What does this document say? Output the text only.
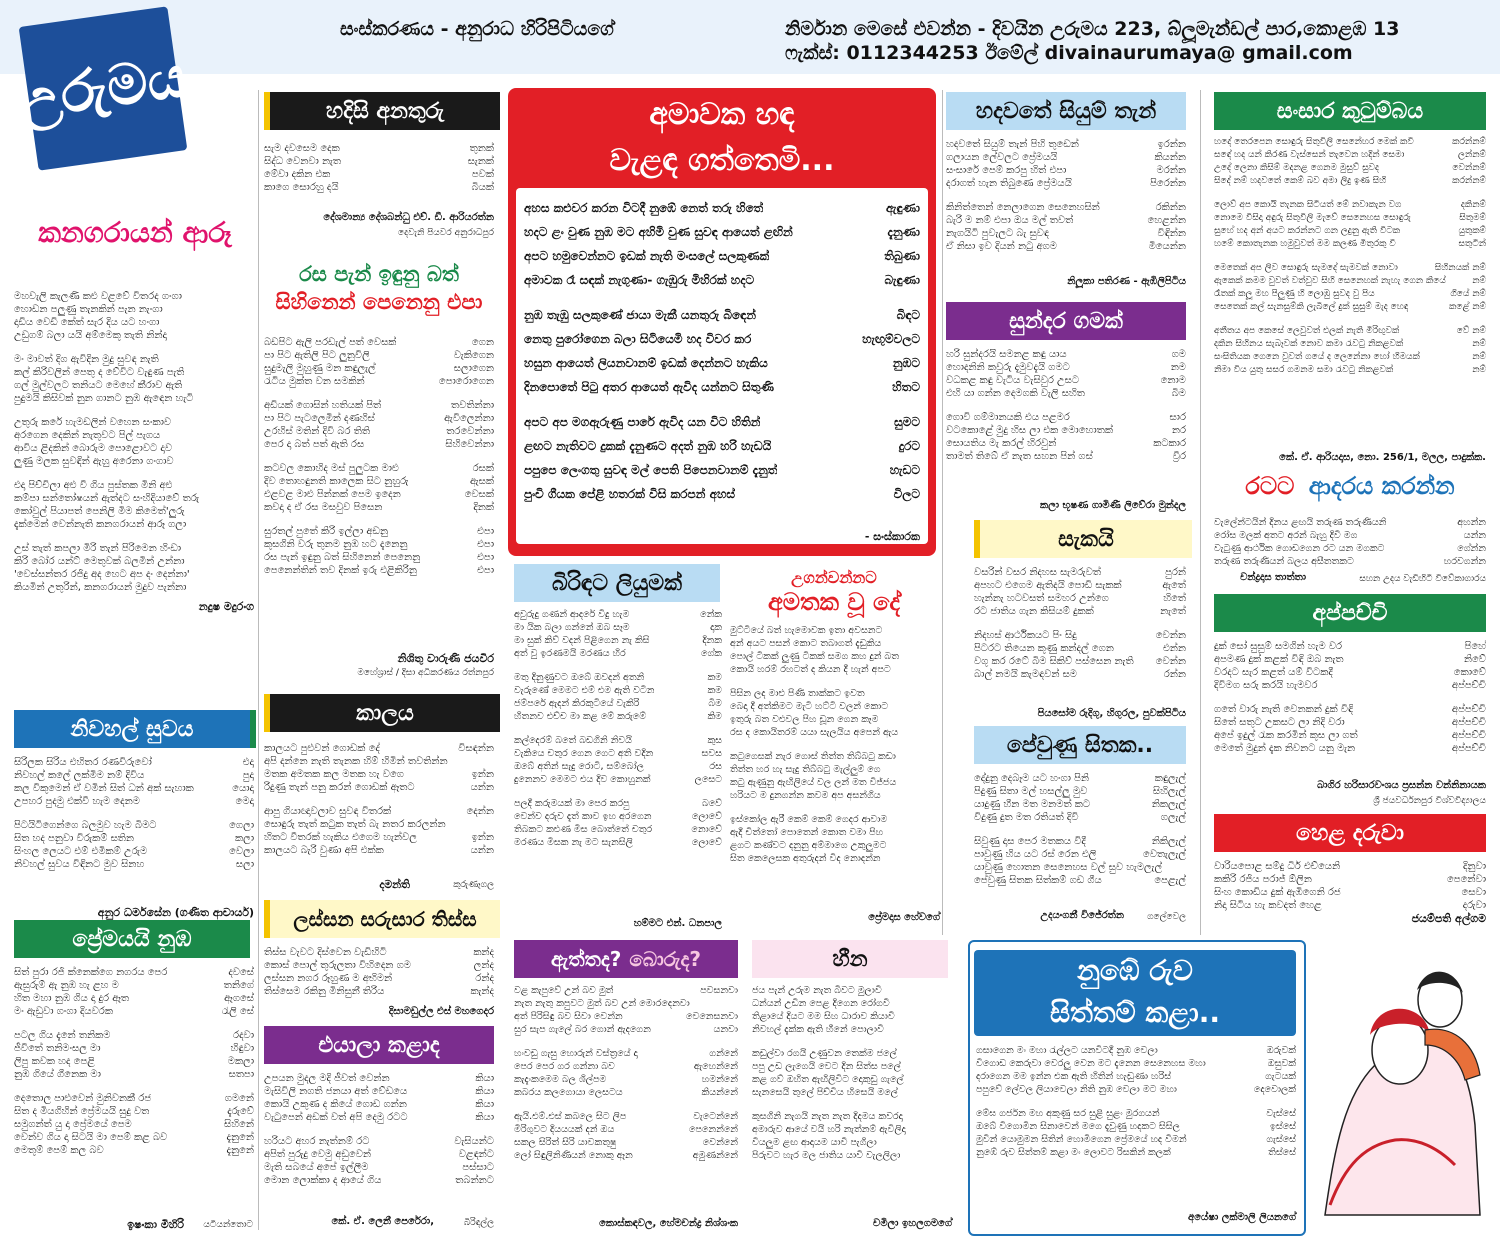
සංස්කරණය - අනුරාධ හිරිපිටියගේ	නිර්මාන මෙසේ එවන්න - දිවයින උරුමය 223, බ්ලූමැන්ඩල් පාර,කොළඹ 13
ෆැක්ස්: 0112344253 ඊමේල් divainaurumaya@ gmail.com
උරුමය
කනගරායන් ආරූ
මහවැලි කැලණි කළු වළවේ විතරද ගංගා
හොඩන පලුණු තැනකින් පැන නැංගා
දාඩිය වෙඩි කේත් සැර දිය යට හංගා
උඩුගම් බලා යයි අම්මෙකු තැති නින්දා
මං මාවත් දිග ඇවිදින මුදු සුවඳ නැති
කල් කිරිවලින් පෙතු ද වේවිට වැඳුණ පැති
ගල් මුල්වලට තනියට මෙහේ කීරාව ඇති
පුදුමයි කිසිවක් නුන ගානට නුඹ ඇඳෙන හැටි
උතුරු කරේ හැමඩලින් වහෙන සංකාව
අරගෙන දෙකින් නැතුවට පිල් පැගය
ආවිය ළිදකින් බොරුම පොළොවට දාව
ලුණු මලක සුවඳින් ඇහු අරෙනා ගංගාව
එදා පිච්චිලා අළු වී ගිය පුස්තක මිනි අළු
කම්පා සන්තෝෂයන් ඇත්දට සංහිදියාවේ තරු
කෝවුල් පියාපත් පෙනිලි මිම කිමෙත්'ලුරු
දැක්මෙන් වෙන්නැති කනගරායන් ආරූ ගලා
උස් තැත් කපලා මිරි තැන් පිරිමෙන හිංඩා
කිරි බෝර යන්ට් මෙතුවක් බලමින් උන්නා
'වෙස්සන්තර රජිදු අද හෙට අප දං දෙන්නා'
කියමින් උතුරින්, කනගරායන් මුදුව පැන්නා
නදුෂ මදුරංග
නිවහල් සුවය
සිරිලක සිරිය එහිතර රණවිරුවෝ	එදා
නිවහල් කලේ ලක්මිම නම් දිවිය	පුදා
කල විකුමෙන් ඒ වමින් සිත් ධන් අක් සැහාක	යොදා
උපහර පුදමු එක්වී හැම දෙනම	මෙදා
පිටයිටිගෙන්ගෙ බලමුව හැම බිමට	ගෙලා
සිත හද පනුවා විරුකම් සතින	කලා
සිංහල ලෙයට එම් එමිකම් උරුම	වෙලා
නිවහල් සුවය විඳිනට මුව සිනහ	සලා
අනුර ධර්මසේන (ගණිත ආචාර්ය)
ප්‍රේමයයි නුඹ
සිත් පුරා රජි ක්නෙක්ගෙ නගරය පෙර	දවසේ
ඇසුරුම් ඇ නුඹ හැ ළහ ම	තනිගේ
හිත මහා නුඹ ගිය දා දුර ඈත	ඈගසේ
මං ඇඩුවා ගංගා දියවරක	රැලි සේ
පටල ගිය දැනේ තනිකම	රදවා
ජීවිතේ තනිමංසල මා	හිඳුවා
ලිපු කවක හද පෙළි	මකලා
නුඹ ගියේ ගීනෙක මා	සතපා
දෙතොල පාළුවෙන් මුනිවනකී රජ	ගමනේ
සිත ද මියගිහින් ප්‍රේමයයි සුදු වත	දැරුවේ
සමුගන්ත් යු දා ප්‍රේමයේ පෙම	සිහිනේ
වෙන්ව ගිය දා සිටයි මා පෙම් කළ බව	දැනුනේ
මෙතුම් පෙම් කල බව	දැනුනේ
ඉෂංකා මිහිරි	යටියන්තොට
හදිසි අනතුරු
සැම දවසෙම දෙක	තුනක්
සිද්ධ වෙනවා නැත	සැනක්
මේවා දකින එක	පවක්
කාගෙ සොරහු දයි	බියක්
දේශමාන්‍ය දේශබන්ධු එච්. ඩී. ආරියරත්න
දෙවැනි පියවර අනුරාධපුර
රස පැන් ඉඳුනු බත්
සිහිනෙන් පෙනෙනු එපා
බඩපිට ඇලි පරඩැල් පත් වෙසක්	ගෙන
පා පිට ඇතිලි පිට ලුනුවිලි	වැකිගෙන
සුදුමැලි මුහුණු මන කඳුලැල්	සලාගෙන
රැටිය මුක්ත වන සමකින්	පොරොගෙන
අඩියක් ගොසින් හතියක් පිත්	තවතින්නා
පා පිට පැටලෙමින් දණහිස්	ඇවිලෙන්නා
උරහිස් මතින් දිවි බර තිති	තරවෙන්නා
පෙර දා බත් පත් ඇති රස	සිහිවෙන්නා
කටවල කොහිද මස් පුලුටක මාළු	රසක්
දිව තොහඳුනති කාලෙක සිට නුහුරු	ඇසක්
එළවළ මාළු පින්නක් පෙම ඉදෙන	වෙසක්
කවදා ද ඒ රස මසවුව පිසෙන	දිනක්
සුරතල් පුතේ කිරි ඉල්ලා අඩනු	එපා
කුසගිනි වරු තුනම නුඹ හට දැනෙනු	එපා
රස පැන් ඉඳුනු බත් සිහිනෙන් පෙනෙනු	එපා
පෙනෙන්තින් තව දිනක් ඉරු එළිකිරිනු	එපා
නිශිතු වාරුණි ජයවීර
මහේශ්‍රාස් / දිසා අධිකරණය රත්නපුර
කාලය
කාලයට පුළුවන් ගොඩක් දේ	විසඳන්න
අපි දන්නෙ නැති තැනක හිම් හිමින් තවතින්න
මතක අමතක කල මතක හැ වගෙ	ඉන්න
රිදුණු තැන් පනු කරන් ගොඩක් ඈතට	යන්න
ආපු ගියාඥාවලාව සුවඳ විතරක්	දෙන්න
සොඳුරු තැත් කටුක තැත් බැ නතර කරලන්න
හිතට වීතරක් හැකිය එගෙම හැන්වල	ඉන්න
කාලයට බැරි වුණා අපි එක්ක	යන්න
දමන්ති	කුරුණෑගල
ලස්සන සරුසාර තිස්ස
තිස්ස වැවට දිස්වෙන වැඩිහිටි	කන්ද
කොස් පොල් තුරුලතා විහිදෙන ගම	ලන්ද
ලස්සන නගර රූහුණ ම අභිමන්	රන්ද
තිස්සෙම රකිනු මිනිසුනී තිරිය	කැන්ද
දිසාමඩුල්ල එස් මහගෙදර
එයාලා කළාද
උපයන මුදල මදි ජීවත් වෙන්න	කියා
මැසිවිලි නගති ජනයා අත් වේඩයෙ	කියා
කොයි උකුණ ද කියේ ගොඩ ගන්න	කියා
වැටුපෙන් අඩක් වත් අපි දෙමු රටට	කියා
හරියට අහර නැත්නම් රට	වැසියන්ට
අපිත් පුරුදු වෙමු අඩුවෙන්	වළඳන්ට
මැති සබයේ අපේ ඉල්ලීම	පස්සාට
මොන ලොක්කා ද ආයේ ගිය	තබන්නට
කේ. ඒ. ලෙනී පෙරේරා,	බිරිඳල්ල
අමාවක හඳ
වැළඳ ගත්තෙමි...
අහස කළුවර කරන විටදී නුඹේ නෙත් තරු හිතේ	ඇඳුණා
හදට ළං වුණ නුඹ මට අහිමි වුණ සුවඳ ආයෙත් ළඟින්	දැනුණා
අපට හමුවෙන්නට ඉඩක් නැති මංසලේ සලකුණක්	තිබුණා
අමාවක රෑ සඳක් නැගුණා- ගැඹුරු මිහිරක් හදට	බැඳුණා
නුඹ තැඹු සලකුණේ ජායා මැකී යනතුරු බිඳෙන්	බිඳට
නෙතු පුරෝගෙන බලා සිටියෙමි හද විවර කර	හැඟුම්වලට
හසුන ආයෙත් ලියනවානම් ඉඩක් දෙන්නට හැකිය	නුඹට
දිනපොතේ පිටු අතර ආයෙත් ඇවිද යන්නට සිතුණි	හිතට
අපට අප මගඇරුණු පාරේ ඇවිද යන විට හිතින්	සුමට
ළඟට නැතිවට දුකක් දැනුණට අදත් නුඹ හරි හැඩයි	දුරට
පපුපෙ ලෙංගතු සුවඳ මල් පෙති පිපෙනවානම් දැනුත්	හැඩට
පුංචි ගීයක පේළි හතරක් විසි කරපන් අහස්	විලට
- සංස්කාරක
බිරිඳට ලියුමක්
අවුරුදු ගණන් ආදරේ විදු හැම	නේක
මා යික බලා ගන්නේ ඔබ සෑම	දාක
මා සුක් කිව් වදන් පිළිගෙන නැ කිසි	දිනක
අත් වු ඉරණමයි මරණය හිර	ගේක
මතු දිනුණුවට ඔබේ ඔවදන් අතනි	කම
වැරුණේ මෙමට එම් එම ඇති වටින	කම
ජම්පරේ ඇදන් කිරකුටියේ වැකිරි	බිම
හිතනව එච්ච මා කළ මේ කරුමේ	කිම
කල්දෙරම් බතේ බඩගිනි නිවයි	කුස
වැකියෙ චතුර ගෙන ගෙට අති වදින	සවස
ඔබේ අතින් සැදු රොටි, සම්බෝල	රස
දුනෙනව මෙමට එය දිව කොහුනක්	ලසෙට
පලදී කරුමයක් මා පෙර කරපු	බවේ
වෙන්ව දරුව දැත් කාව ඉහ අරගෙන	ලොවේ
තිබකට කළුණ මිස බොත්තේ චතුර	නොවේ
මරණය මිසක නැ මට සැනසිලි	ලොවේ
හම්මට එන්. ධනපාල
උගන්වන්නට
අමතක වූ දේ
මුට්ටියේ බත් හැමොවක ඉතා අවසනට
අන් අයට පසන් කොට තබාගත් දැඩුකිය
පොල් ටිකක් ලුණු ටිකක් සමග කහ දුන් බත
කොයි හරම් රහටත් ද කියන දී හැන් අපට
පිසින ලද මාළු පිණි තාක්කට ඉවත
බෙදා දී අත්කිමට මැටි හට්ටි වලන් කොට
ඉතුරු බත වළුවල පිහ ඩූන ගෙන කෑම
රස ද කොයිතරම් යයා සැලයිය අපෙන් ඇය
කටුගෙසක් නැර ගොස් තිත්ත තිබ්බටු කඩා
තිත්ත හර හැ සැදු තිබ්බටු මැල්ලුම් ගෙ
කටු ඇණුනු ඇඟිලියේ වල ලන් මත විජ්ජය
හරියට ම දුනගන්න කවම අප අසන්ගිය
ඉස්කෝල ඇරී කෙම් කෙම් ගෙදර ආවාම
ඇදී චිත්තෝ පොතෙන් කොත වමා පිහ
ළගට කණ්වට දනුනු අම්මාගෙ උකුලුමට
සිත කෙලෙසක අතුරුදන් විද නොදන්න
ප්‍රේමදාස හේවගේ
ඇත්තද? බොරුද?
වළ කැපුවේ උන් බව මුත්	පවසනවා
නැත නැතු කපුවට මුත් බව උන් මොරදෙනවා
අත් පිරිසිඳු බව සිවා වෙන්න	වෙනෙසනවා
සුර සැප ගැලේ බර ගොන් ඇදගෙන	යනවා
හංවඩු ගැසු හොරුන් වස්ත්‍රයේ දා	ගන්නේ
පෙර පෙර ගර ගන්නා බව	ඇහෙන්නේ
කැදැංකමෙම බල ශිල්පම	හමන්නේ
කබරය කලගොයා ලෙසටය	කියන්නේ
ඇයි.එම්.එස් කබලෙ සිට ලිප	වැටෙන්නේ
මිරිගුවට දියයයක් දන් ඔය	පෙනෙන්නේ
සකල සිරිත් සිරි යාවකතුෂු	වෙන්නේ
ලෝ සිඳුලිනිණියන් නොකු ඈන	අමුණන්නේ
කොස්කඳවල, හේමචන්ද්‍ර නිශ්ශංක
හීන
ජය පැන් උරුම නැත බීවට මුලාවී
ධන්යන් උඩින පෙළ දිගෙන රෝගවී
තිළායේ දියට මම සිහ ධාරාව කියාවී
නිවහල් දැක්ක ඇති හීනේ පොලාවී
කඩුල්වා රගයි උණුවන තෙක්ම ජලේ
පපු උඩ ලැගෙයි වෙට දින සිත්ස පලේ
කළ ගව් ඔහිත ඇඟිලිවිට දොකුඩු ගැලේ
සැනසෙයි තුලේ පිච්චිය හිසෙයි මලේ
කුසගිනි නැගයි නැත නැත දිදමය කවරදා
අමාරුව ආයේ වයි හරි නැත්නම් ඇවිලිදා
වියලුම ළඟ ආදායම යාවී පැගිලා
පිරුවට හැර මල ජාතිය යාවී වැලලිලා
චමිලා ඉහලගමගේ
හදවතේ සියුම් තැන්
හදවතේ සියුම් තැන් පිහි තුඩෙන්	ඉරන්න
ගලායන ලේවලට ප්‍රේමයයි	කියන්න
සංසාරේ පෙම් කරපු හිත් එපා	මරන්න
දරාගත් හැන තිබුණෙ ප්‍රේමයයි	පිරෙන්න
කිනිත්තෙන් නෙලාගෙන සෙනෙහසින්	රකින්න
බැරි ම නම් එපා ඔය මල් තවත්	හෙළන්න
නැගයිටි පුවැලට බැ සුවඳ	විඳින්න
ඒ නිසා ඉව දියන් නටු අගම	මියෙන්න
නිලූකා පතිරණ - ඇඹිලිපිටිය
සුන්දර ගමක්
හරි සුන්දරයි සමනළ කඳු යාය	ගම
හොදනිනි කවුරු දැමුවදැයි ගමට	නම
වධකළ කඳු වැටිය වැසිවුර උසට	නොම
එහි යා ගන්න දෙමගකි වැලි සහිත	බිම
ගොවි ගම්මානයකි එය පළමර	සාර
වටකොළේ මුදු හිස ලා එක මොහොතක්	නර
සොයතිය මැ කරල් හිරවුන්	කටකාර
තාමත් තිබේ ඒ නැත සහන පින් ගස්	ව්‍රීර
කලා භූෂණ ගාමිණී ලිවේරා මුන්දල
සැකයි
වසරින් වසර නිදහස සැමරුවත්	පුරන්
අපහට එගෙම ඇතිදයි පොඩි සැකක්	ඇතේ
හැන්නැ හටවසත් සමහර උන්ගෙ	හිතේ
රට ජාතිය ගැන කිසියම් දුකක්	නැතේ
නිදහස් ආර්ථිකයට පිං සිදු	වෙන්න
පිටරට තියෙන කුණු කන්දල් ගෙන	එන්න
වගු කර රටේ බිම සිකිව් පස්සෙන නැති	වෙන්න
බාල් නමයි කැමඳවන් සම	රන්න
පියසෝම රුදිගු, හිගුරල, පුවක්පිටිය
පේවුණු සිතක..
දේදුනු දෙබෑම යට හංගා පිනි	කඳුලැල්
පිදුණු සිතා මල් හසල්ලු මුව	සිහිලැල්
යාදුණු හීන මත මනමත් කට	නිකලැල්
විදුණු දුත මත රතියත් දිවි	ගලැල්
සිවුණු දාස පෙර මතකය විදී	නිකිලැල්
පාවුණු හිය යට රස් රෙන එලි	වෙතැලැල්
යාවුණු හොතන සෙනෙහස වල් සුව හැමලැල්
පේවුණු සිතක සිත්කම් ගඩ ගීය	පෙළැල්
උදයංගනී විජේරත්න	ගලේවෙල
සංසාර කුටුම්බය
හදේ තෙරපෙන සොඳුරු සිතුවිලි සෙනේහර මෙක් කවි	කරන්නම්
සඳේ හද යන් කිරණ වැස්සෙන් තැවෙන හදින් සෙමා	ලන්නම්
උදේ ලෙනා කිසිම් මදනළ ගෙනම මුසුව් සුවද	වෙන්නම්
සිදේ නම් හදවතේ කෙම් බව අමා ලිදු ඉණ සිහි	කරන්නම්
ලොව් අප කොයි තැනක සිටියත් මේ නවාකැන වග	දකිනම්
නොමෙ විසිදා අඳුරු සිතුවිලි මැවේ සෙනෙහස සොඳුරු	සිතුමම්
සුහේ හද අන් අයට කරන්නට ගන ලදුනු ඇති විටක	යුතුකම්
හමේ කොතැනක හමුවුවත් මම කලණ මිතුරකු වී	සතුටින්
මෙතෙක් අප ලිව සොඳුරු සැමදේ සැමවක් නොවා	සිහිනයක් නම්
ඇකෙක් කමම වුවත් වත්වුව සිහි සෙනෙහක් නැහැ ගෙන කියේ	නම්
රෑතක් කලූ මහ පිලුණු හි ලොඹු සුවද වු පිය	ගියේ නම්
සෙතෙක් කල් සැනසුම්කි ලැබිලේ දුක් සුසුම් මැද හෙඳ	කළේ නම්
අතීතය අප කෙසේ ලෙවුවත් එලක් නැති මිරිඟුවක්	වේ නම්
දකින සිහිනය සැබෑවක් නොව කමා රැවටු නිකළවක්	නම්
සංසිතියක ගෙනෙ වුවත් ගයේ ද ලෙනේනා හෝ හිමයක්	නම්
නිමා විය යුතු සසර ගමනම සමා රැවටු නිකළවක්	නම්
කේ. ඒ. ආරියදාස, නො. 256/1, මලල, පාදුක්ක.
රටට ආදරය කරන්න
වැලේන්ටයින් දිනය ළඟයි තරුණ තරුණියනි	අහන්න
රෝස මලක් අතට අරන් බැහු දිවී මග	යන්න
වැටුණු ආර්ථික ගොඩගෙන රට යන මගකට	ගේන්න
තරුණ තරුණියන් බලය අසීතතකට	හරවගන්න
චන්ද්‍රදාස තාත්තා	සහන උදය වැඩිහිටි විවේකාගාරය
අප්පච්චි
දුක් සෝ සුසුම් සමගින් හැම වර	පිහේ
අපමණ දුක් කළක් විඳි ඔබ නැත	නිවේ
වරදට සැර කළත් යම් විටකදී	කොවේ
දිවිමග සරු කරයි හැමවර	අප්පච්චි
ගතේ වාරු නැති වෙනකන් දුක් විඳි	අප්පච්චි
සිතේ සතුට උකසට ලා නිදි වරා	අප්පච්චි
අපේ ඉදුල් රැක කරමින් කුස ලා ගත්	අප්පච්චි
මෙතේ මුදුන් දැක නිවනට යනු මැන	අප්පච්චි
බාගිර හරිසාරවංශය ප්‍රසන්න වන්නිනායක
ශ්‍රී ජයවර්ධනපුර විශ්වවිද්‍යාලය
හෙළ දරුවා
වාරියපොළ සම්දු ධිර් එච්යෙනි	දිනුවා
කකිරි රජිය පරාජ් ඕලින	පෙනේවා
සිංහ කොඩිය දුක් ඇඹිගෙනි රජ	සෙවා
නිදා සිටිය හැ කවදත් හෙළ	දරුවා
ජයම්පති අල්ගම
නුඹේ රුව
සිත්තම් කළා..
ගසාගෙන මං මහා රැල්ලට යනවිටදී නුඹ වෙලා	ඔරුවක්
විගොඩ කෙරුවා වෙරලු වෙන මට දැනෙන සෙනෙහස මහා	ඔසුවක්
දරාගෙන මම ඉන්න එක ඇති හිතින් හැඬුණා හරිස්	ගැටයක්
පපුවේ ලේවල ලියාවෙලා නිති නුඹ වෙලා මට මහා	දෙවොලක්
මේඝ ගර්ජන මහ අකුණු සර සුළි සුළං මුරගයන්	වැස්සේ
ඔබේ විගොමින සිනාවෙන් මගෙ දැවුණු හදකට සිසිල	ඉස්සේ
මුවින් යොමුමන සිතින් හොමිගෙන ප්‍රේමයේ හද වීමන්	ගැස්සේ
නුඹේ රුව සිත්තම් කළා මං ලොවට රිසකින් කලක්	තිස්සේ
අයේෂා ලක්මාලි ලියනගේ
